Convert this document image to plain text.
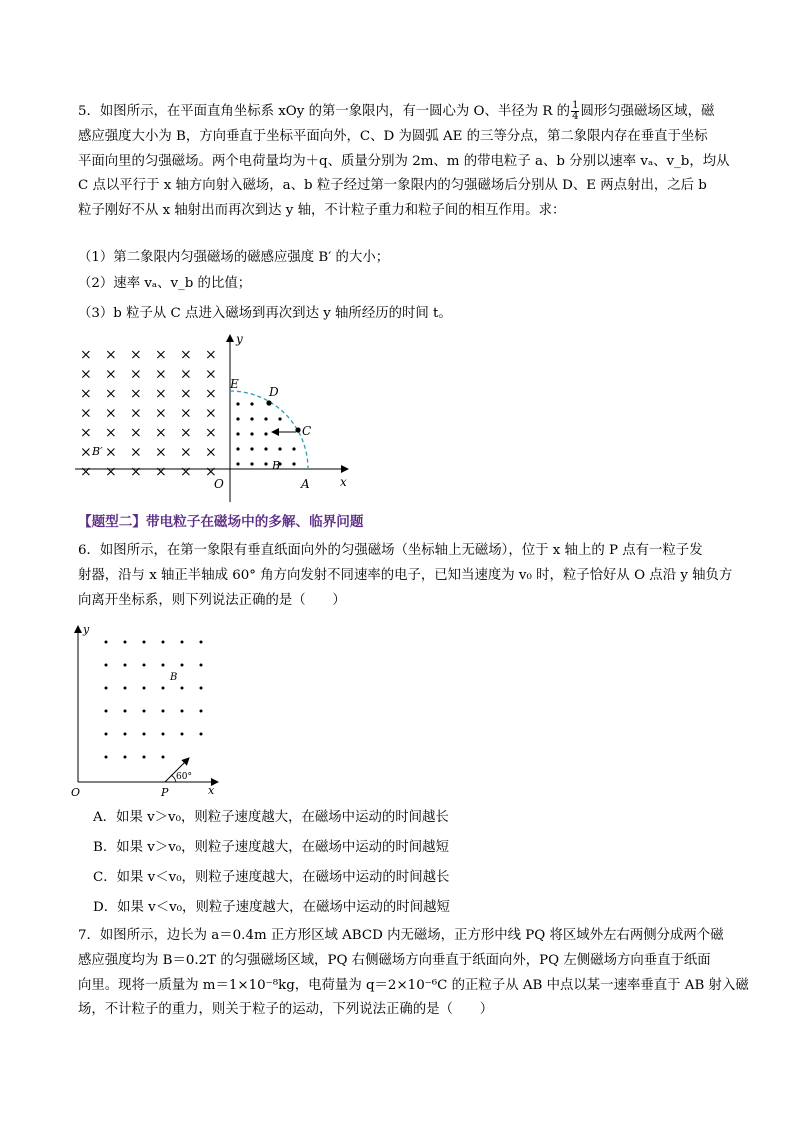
5．如图所示，在平面直角坐标系 xOy 的第一象限内，有一圆心为 O、半径为 R 的 $\frac{1}{4}$ 圆形匀强磁场区域，磁
感应强度大小为 B，方向垂直于坐标平面向外，C、D 为圆弧 AE 的三等分点，第二象限内存在垂直于坐标
平面向里的匀强磁场。两个电荷量均为＋q、质量分别为 2m、m 的带电粒子 a、b 分别以速率 vₐ、v_b，均从
C 点以平行于 x 轴方向射入磁场，a、b 粒子经过第一象限内的匀强磁场后分别从 D、E 两点射出，之后 b
粒子刚好不从 x 轴射出而再次到达 y 轴，不计粒子重力和粒子间的相互作用。求：
（1）第二象限内匀强磁场的磁感应强度 B′ 的大小；
（2）速率 vₐ、v_b 的比值；
（3）b 粒子从 C 点进入磁场到再次到达 y 轴所经历的时间 t。
× × × × × ×
× × × × × ×
× × × × × ×
× × × × × ×
× × × × × ×
× × × × ×
× × × × × ×
×
y
x
O	A
E
D
C
B
B′
【题型二】带电粒子在磁场中的多解、临界问题
6．如图所示，在第一象限有垂直纸面向外的匀强磁场（坐标轴上无磁场），位于 x 轴上的 P 点有一粒子发
射器，沿与 x 轴正半轴成 60° 角方向发射不同速率的电子，已知当速度为 v₀ 时，粒子恰好从 O 点沿 y 轴负方
向离开坐标系，则下列说法正确的是（　　）
y
x
O	P
B
60°
A．如果 v＞v₀，则粒子速度越大，在磁场中运动的时间越长
B．如果 v＞v₀，则粒子速度越大，在磁场中运动的时间越短
C．如果 v＜v₀，则粒子速度越大，在磁场中运动的时间越长
D．如果 v＜v₀，则粒子速度越大，在磁场中运动的时间越短
7．如图所示，边长为 a＝0.4m 正方形区域 ABCD 内无磁场，正方形中线 PQ 将区域外左右两侧分成两个磁
感应强度均为 B＝0.2T 的匀强磁场区域，PQ 右侧磁场方向垂直于纸面向外，PQ 左侧磁场方向垂直于纸面
向里。现将一质量为 m＝1×10⁻⁸kg，电荷量为 q＝2×10⁻⁶C 的正粒子从 AB 中点以某一速率垂直于 AB 射入磁
场，不计粒子的重力，则关于粒子的运动，下列说法正确的是（　　）
